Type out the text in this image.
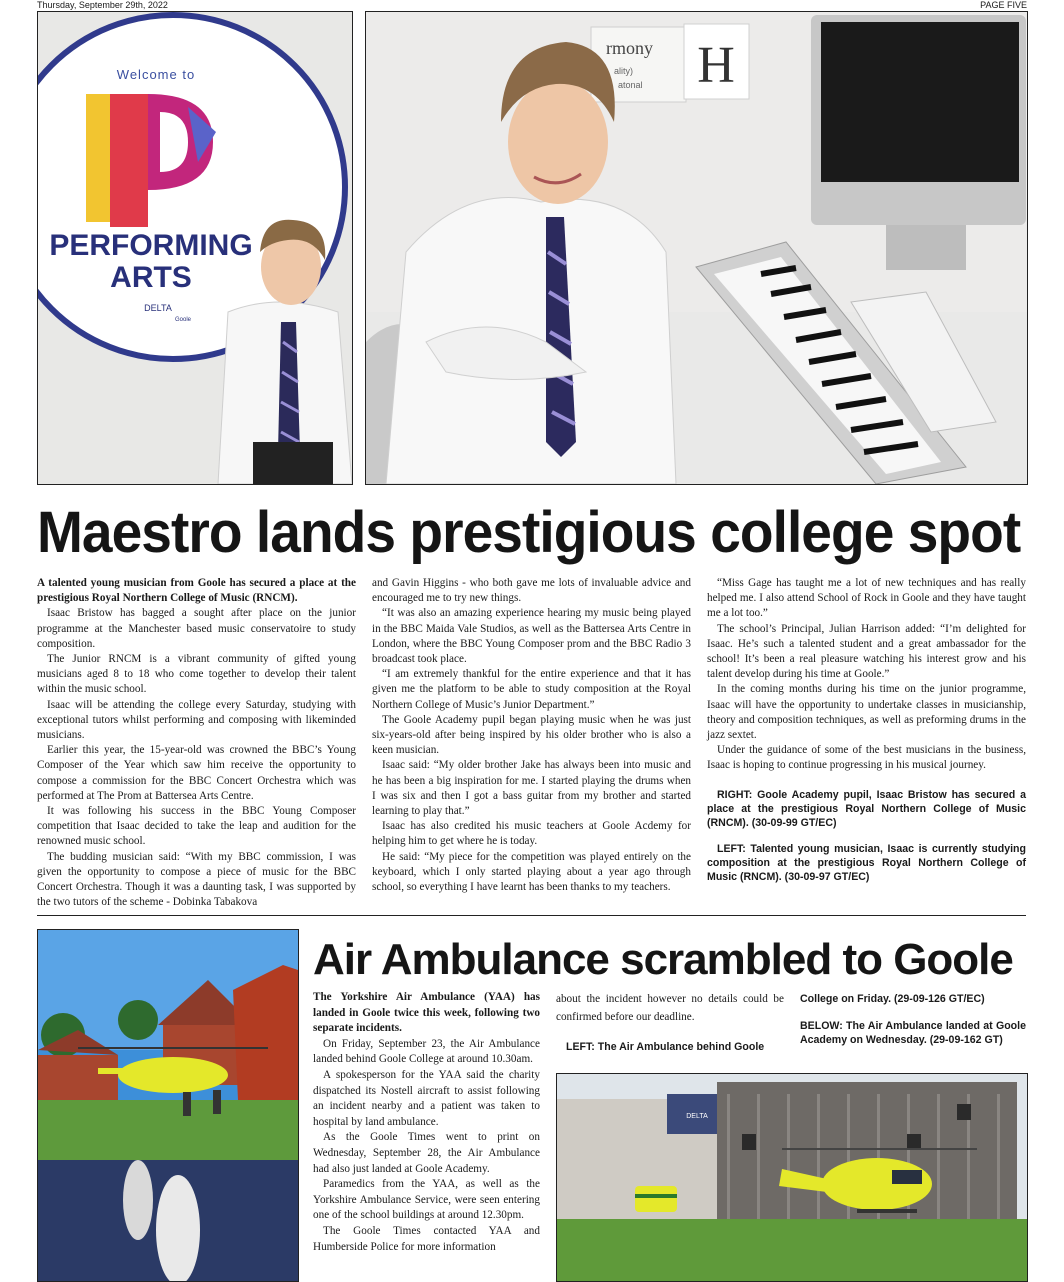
Thursday, September 29th, 2022	PAGE FIVE
Welcome to
PERFORMING
ARTS
DELTA
Goole
rmony
ality)
atonal H
Maestro lands prestigious college spot

A talented young musician from Goole has secured a place at the prestigious Royal Northern College of Music (RNCM).

Isaac Bristow has bagged a sought after place on the junior programme at the Manchester based music conservatoire to study composition.

The Junior RNCM is a vibrant community of gifted young musicians aged 8 to 18 who come together to develop their talent within the music school.

Isaac will be attending the college every Saturday, studying with exceptional tutors whilst performing and composing with likeminded musicians.

Earlier this year, the 15-year-old was crowned the BBC’s Young Composer of the Year which saw him receive the opportunity to compose a commission for the BBC Concert Orchestra which was performed at The Prom at Battersea Arts Centre.

It was following his success in the BBC Young Composer competition that Isaac decided to take the leap and audition for the renowned music school.

The budding musician said: “With my BBC commission, I was given the opportunity to compose a piece of music for the BBC Concert Orchestra. Though it was a daunting task, I was supported by the two tutors of the scheme - Dobinka Tabakova

and Gavin Higgins - who both gave me lots of invaluable advice and encouraged me to try new things.

“It was also an amazing experience hearing my music being played in the BBC Maida Vale Studios, as well as the Battersea Arts Centre in London, where the BBC Young Composer prom and the BBC Radio 3 broadcast took place.

“I am extremely thankful for the entire experience and that it has given me the platform to be able to study composition at the Royal Northern College of Music’s Junior Department.”

The Goole Academy pupil began playing music when he was just six-years-old after being inspired by his older brother who is also a keen musician.

Isaac said: “My older brother Jake has always been into music and he has been a big inspiration for me. I started playing the drums when I was six and then I got a bass guitar from my brother and started learning to play that.”

Isaac has also credited his music teachers at Goole Acdemy for helping him to get where he is today.

He said: “My piece for the competition was played entirely on the keyboard, which I only started playing about a year ago through school, so everything I have learnt has been thanks to my teachers.

“Miss Gage has taught me a lot of new techniques and has really helped me. I also attend School of Rock in Goole and they have taught me a lot too.”

The school’s Principal, Julian Harrison added: “I’m delighted for Isaac. He’s such a talented student and a great ambassador for the school! It’s been a real pleasure watching his interest grow and his talent develop during his time at Goole.”

In the coming months during his time on the junior programme, Isaac will have the opportunity to undertake classes in musicianship, theory and composition techniques, as well as preforming drums in the jazz sextet.

Under the guidance of some of the best musicians in the business, Isaac is hoping to continue progressing in his musical journey.

RIGHT: Goole Academy pupil, Isaac Bristow has secured a place at the prestigious Royal Northern College of Music (RNCM). (30-09-99 GT/EC)

LEFT: Talented young musician, Isaac is currently studying composition at the prestigious Royal Northern College of Music (RNCM). (30-09-97 GT/EC)

Air Ambulance scrambled to Goole

The Yorkshire Air Ambulance (YAA) has landed in Goole twice this week, following two separate incidents.

On Friday, September 23, the Air Ambulance landed behind Goole College at around 10.30am.

A spokesperson for the YAA said the charity dispatched its Nostell aircraft to assist following an incident nearby and a patient was taken to hospital by land ambulance.

As the Goole Times went to print on Wednesday, September 28, the Air Ambulance had also just landed at Goole Academy.

Paramedics from the YAA, as well as the Yorkshire Ambulance Service, were seen entering one of the school buildings at around 12.30pm.

The Goole Times contacted YAA and Humberside Police for more information

about the incident however no details could be confirmed before our deadline.

LEFT: The Air Ambulance behind Goole

College on Friday. (29-09-126 GT/EC)

BELOW: The Air Ambulance landed at Goole Academy on Wednesday. (29-09-162 GT)

DELTA
